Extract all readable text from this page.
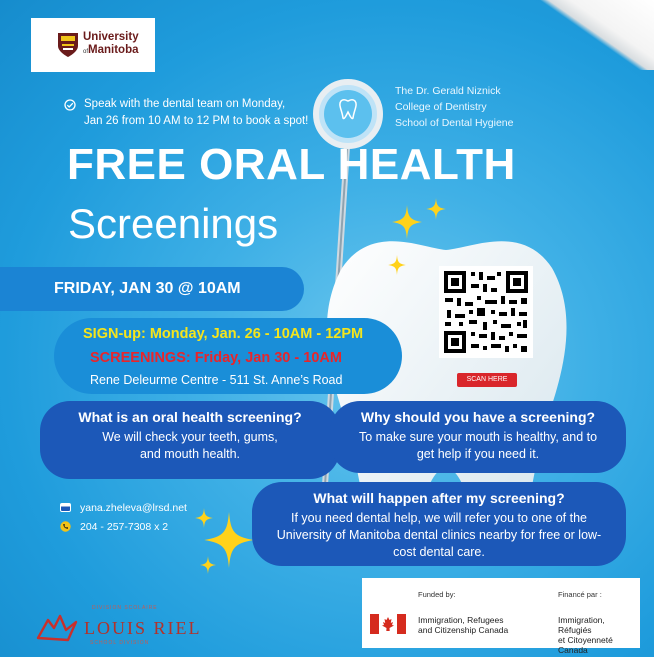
University
ofManitoba
The Dr. Gerald Niznick
College of Dentistry
School of Dental Hygiene
Speak with the dental team on Monday,
Jan 26 from 10 AM to 12 PM to book a spot!
SCAN HERE
FREE ORAL HEALTH
Screenings
FRIDAY, JAN 30 @ 10AM
SIGN-up: Monday, Jan. 26 - 10AM - 12PM
SCREENINGS: Friday, Jan 30 - 10AM
Rene Deleurme Centre - 511 St. Anne’s Road
What is an oral health screening?
We will check your teeth, gums,
and mouth health.
Why should you have a screening?
To make sure your mouth is healthy, and to
get help if you need it.
What will happen after my screening?
If you need dental help, we will refer you to one of the
University of Manitoba dental clinics nearby for free or low-
cost dental care.
yana.zheleva@lrsd.net
204 - 257-7308 x 2
DIVISION SCOLAIRE
LOUIS RIEL
SCHOOL DIVISION
Funded by:	Financé par :
Immigration, Refugees
and Citizenship Canada
Immigration, Réfugiés
et Citoyenneté Canada
